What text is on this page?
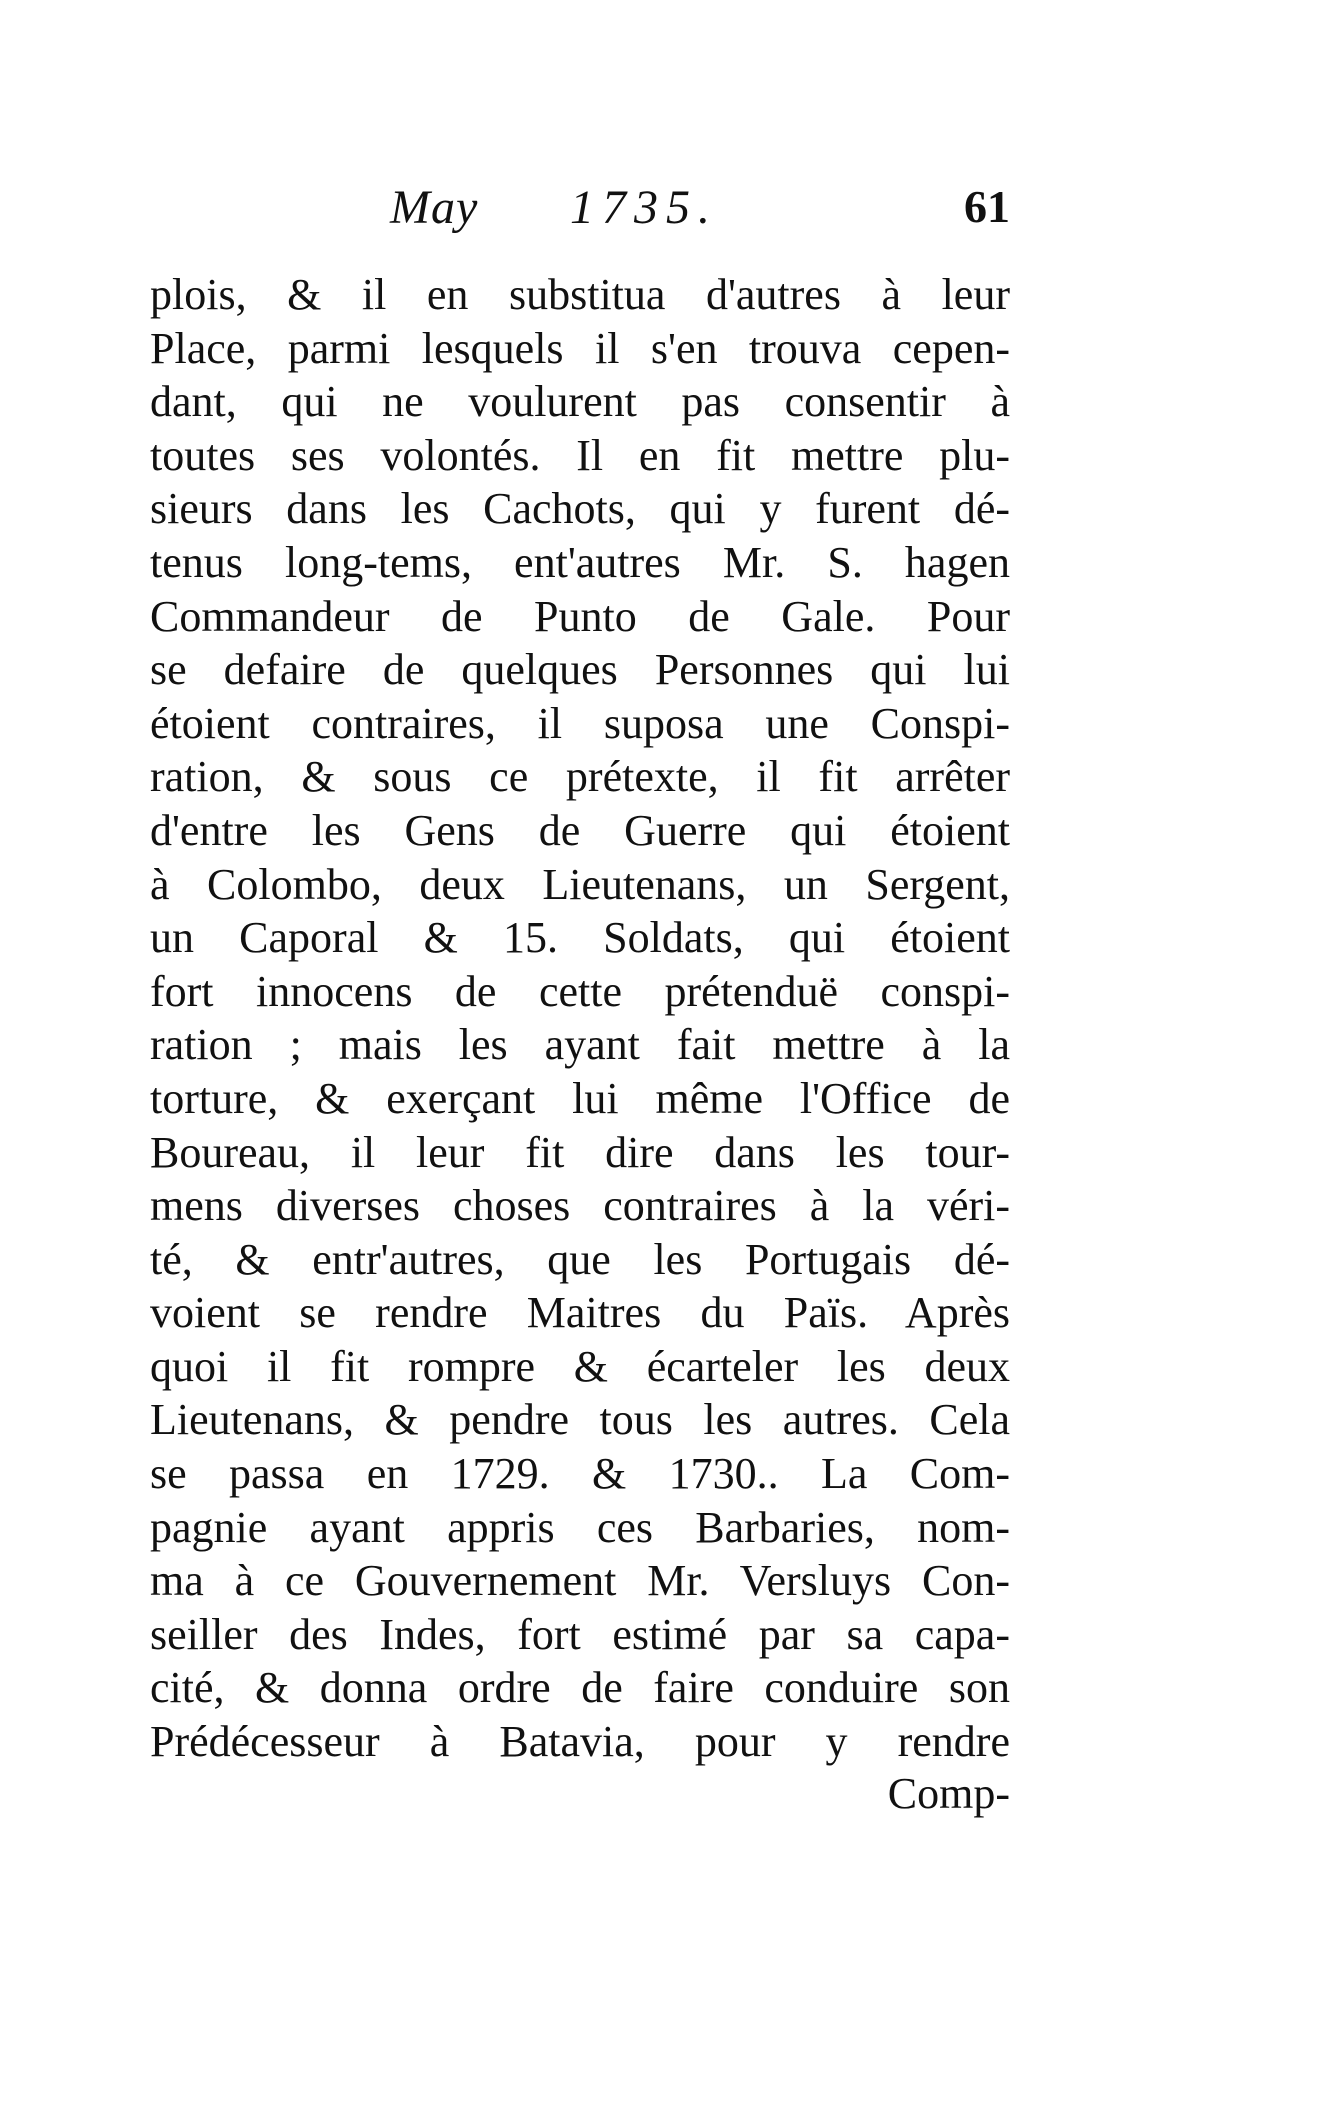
May 1735.	61
plois, & il en substitua d'autres à leur
Place, parmi lesquels il s'en trouva cepen-
dant, qui ne voulurent pas consentir à
toutes ses volontés. Il en fit mettre plu-
sieurs dans les Cachots, qui y furent dé-
tenus long-tems, ent'autres Mr. S. hagen
Commandeur de Punto de Gale. Pour
se defaire de quelques Personnes qui lui
étoient contraires, il suposa une Conspi-
ration, & sous ce prétexte, il fit arrêter
d'entre les Gens de Guerre qui étoient
à Colombo, deux Lieutenans, un Sergent,
un Caporal & 15. Soldats, qui étoient
fort innocens de cette prétenduë conspi-
ration ; mais les ayant fait mettre à la
torture, & exerçant lui même l'Office de
Boureau, il leur fit dire dans les tour-
mens diverses choses contraires à la véri-
té, & entr'autres, que les Portugais dé-
voient se rendre Maitres du Païs. Après
quoi il fit rompre & écarteler les deux
Lieutenans, & pendre tous les autres. Cela
se passa en 1729. & 1730.. La Com-
pagnie ayant appris ces Barbaries, nom-
ma à ce Gouvernement Mr. Versluys Con-
seiller des Indes, fort estimé par sa capa-
cité, & donna ordre de faire conduire son
Prédécesseur à Batavia, pour y rendre
Comp-
